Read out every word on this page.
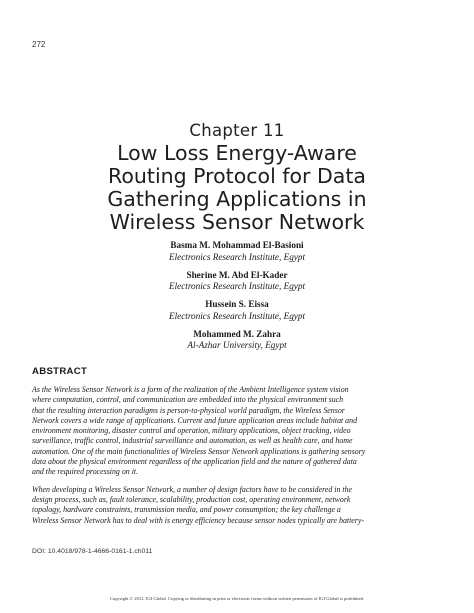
272
Chapter 11
Low Loss Energy-Aware
Routing Protocol for Data
Gathering Applications in
Wireless Sensor Network
Basma M. Mohammad El-Basioni
Electronics Research Institute, Egypt
Sherine M. Abd El-Kader
Electronics Research Institute, Egypt
Hussein S. Eissa
Electronics Research Institute, Egypt
Mohammed M. Zahra
Al-Azhar University, Egypt
ABSTRACT

As the Wireless Sensor Network is a form of the realization of the Ambient Intelligence system vision
where computation, control, and communication are embedded into the physical environment such
that the resulting interaction paradigms is person-to-physical world paradigm, the Wireless Sensor
Network covers a wide range of applications. Current and future application areas include habitat and
environment monitoring, disaster control and operation, military applications, object tracking, video
surveillance, traffic control, industrial surveillance and automation, as well as health care, and home
automation. One of the main functionalities of Wireless Sensor Network applications is gathering sensory
data about the physical environment regardless of the application field and the nature of gathered data
and the required processing on it.

When developing a Wireless Sensor Network, a number of design factors have to be considered in the
design process, such as, fault tolerance, scalability, production cost, operating environment, network
topology, hardware constraints, transmission media, and power consumption; the key challenge a
Wireless Sensor Network has to deal with is energy efficiency because sensor nodes typically are battery-

DOI: 10.4018/978-1-4666-0161-1.ch011
Copyright © 2012, IGI Global. Copying or distributing in print or electronic forms without written permission of IGI Global is prohibited.
